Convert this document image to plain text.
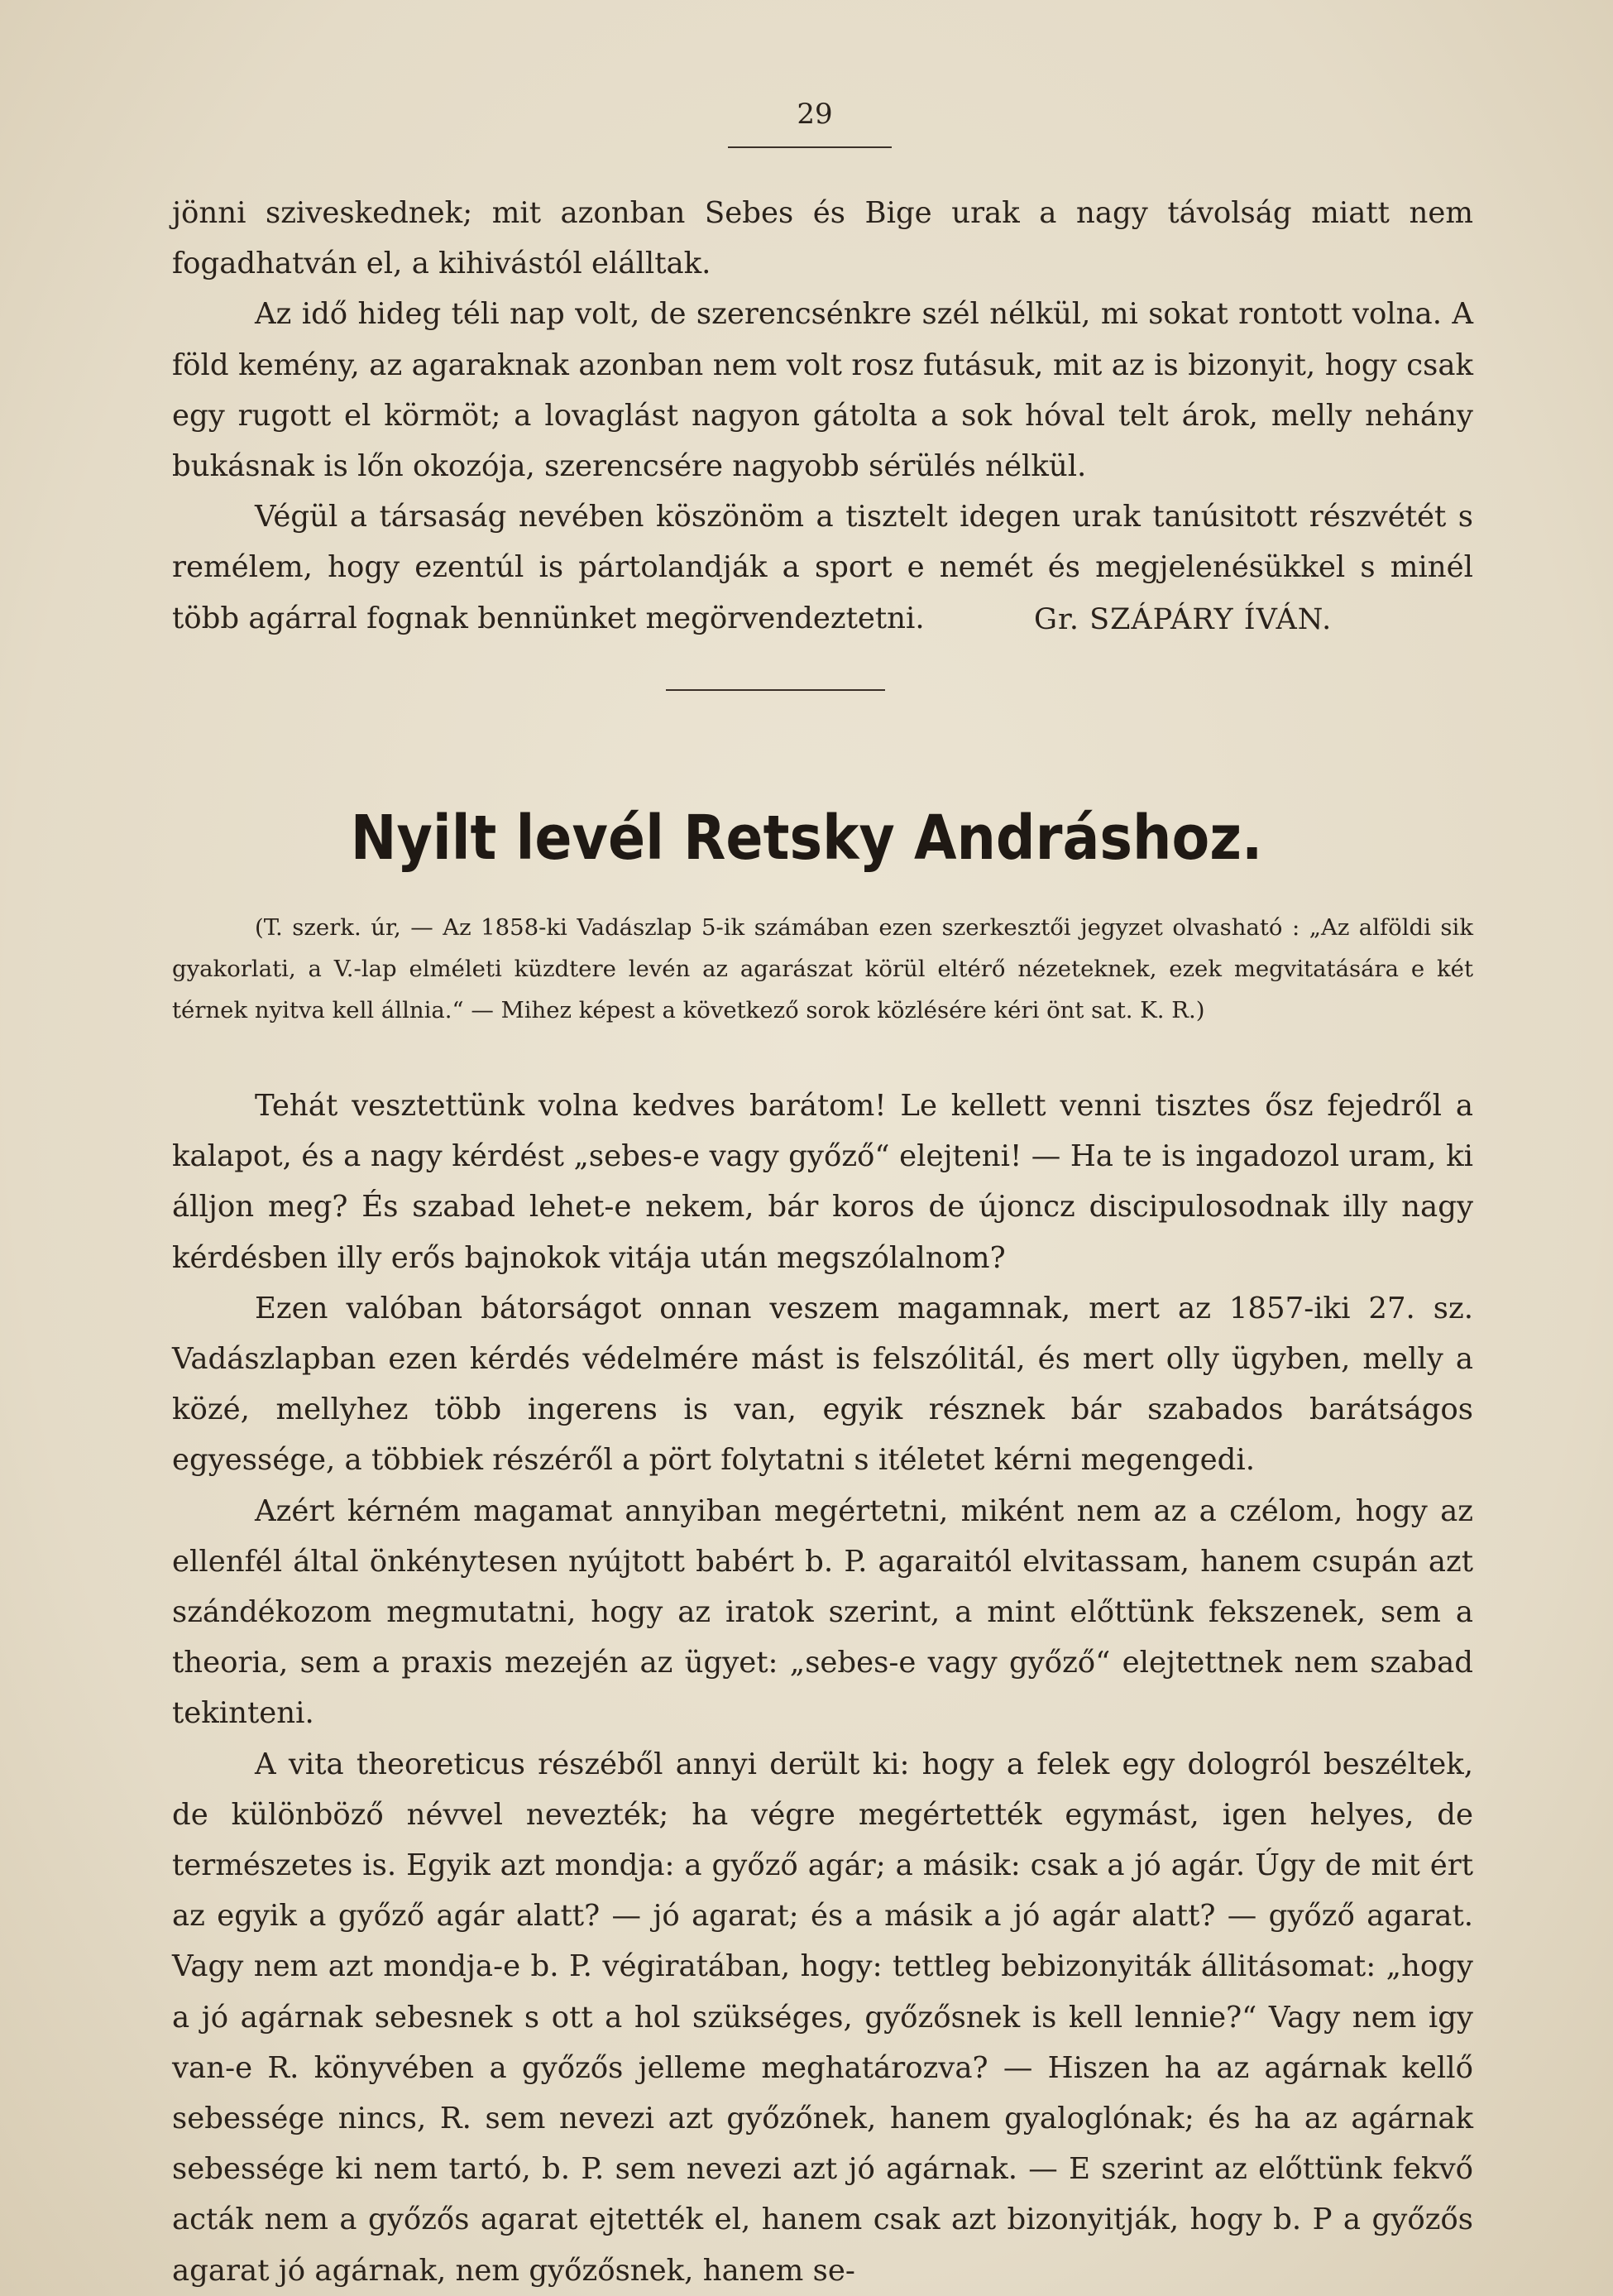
29

jönni sziveskednek; mit azonban Sebes és Bige urak a nagy távolság miatt nem fogadhatván el, a kihivástól elálltak.

Az idő hideg téli nap volt, de szerencsénkre szél nélkül, mi sokat rontott volna. A föld kemény, az agaraknak azonban nem volt rosz futásuk, mit az is bizonyit, hogy csak egy rugott el körmöt; a lovaglást nagyon gátolta a sok hóval telt árok, melly nehány bukásnak is lőn okozója, szerencsére nagyobb sérülés nélkül.

Végül a társaság nevében köszönöm a tisztelt idegen urak tanúsitott részvétét s remélem, hogy ezentúl is pártolandják a sport e nemét és megjelenésükkel s minél több agárral fognak bennünket megörvendeztetni.	Gr. SZÁPÁRY ÍVÁN.
Nyilt levél Retsky Andráshoz.

(T. szerk. úr, — Az 1858-ki Vadászlap 5-ik számában ezen szerkesztői jegyzet olvasható : „Az alföldi sik gyakorlati, a V.-lap elméleti küzdtere levén az agarászat körül eltérő nézeteknek, ezek megvitatására e két térnek nyitva kell állnia.“ — Mihez képest a következő sorok közlésére kéri önt sat. K. R.)

Tehát vesztettünk volna kedves barátom! Le kellett venni tisztes ősz fejedről a kalapot, és a nagy kérdést „sebes-e vagy győző“ elejteni! — Ha te is ingadozol uram, ki álljon meg? És szabad lehet-e nekem, bár koros de újoncz discipulosodnak illy nagy kérdésben illy erős bajnokok vitája után megszólalnom?

Ezen valóban bátorságot onnan veszem magamnak, mert az 1857-iki 27. sz. Vadászlapban ezen kérdés védelmére mást is felszólitál, és mert olly ügyben, melly a közé, mellyhez több ingerens is van, egyik résznek bár szabados barátságos egyessége, a többiek részéről a pört folytatni s itéletet kérni megengedi.

Azért kérném magamat annyiban megértetni, miként nem az a czélom, hogy az ellenfél által önkénytesen nyújtott babért b. P. agaraitól elvitassam, hanem csupán azt szándékozom megmutatni, hogy az iratok szerint, a mint előttünk fekszenek, sem a theoria, sem a praxis mezején az ügyet: „sebes-e vagy győző“ elejtettnek nem szabad tekinteni.

A vita theoreticus részéből annyi derült ki: hogy a felek egy dologról beszéltek, de különböző névvel nevezték; ha végre megértették egymást, igen helyes, de természetes is. Egyik azt mondja: a győző agár; a másik: csak a jó agár. Úgy de mit ért az egyik a győző agár alatt? — jó agarat; és a másik a jó agár alatt? — győző agarat. Vagy nem azt mondja-e b. P. végiratában, hogy: tettleg bebizonyiták állitásomat: „hogy a jó agárnak sebesnek s ott a hol szükséges, győzősnek is kell lennie?“ Vagy nem igy van-e R. könyvében a győzős jelleme meghatározva? — Hiszen ha az agárnak kellő sebessége nincs, R. sem nevezi azt győzőnek, hanem gyaloglónak; és ha az agárnak sebessége ki nem tartó, b. P. sem nevezi azt jó agárnak. — E szerint az előttünk fekvő acták nem a győzős agarat ejtették el, hanem csak azt bizonyitják, hogy b. P a győzős agarat jó agárnak, nem győzősnek, hanem se-
